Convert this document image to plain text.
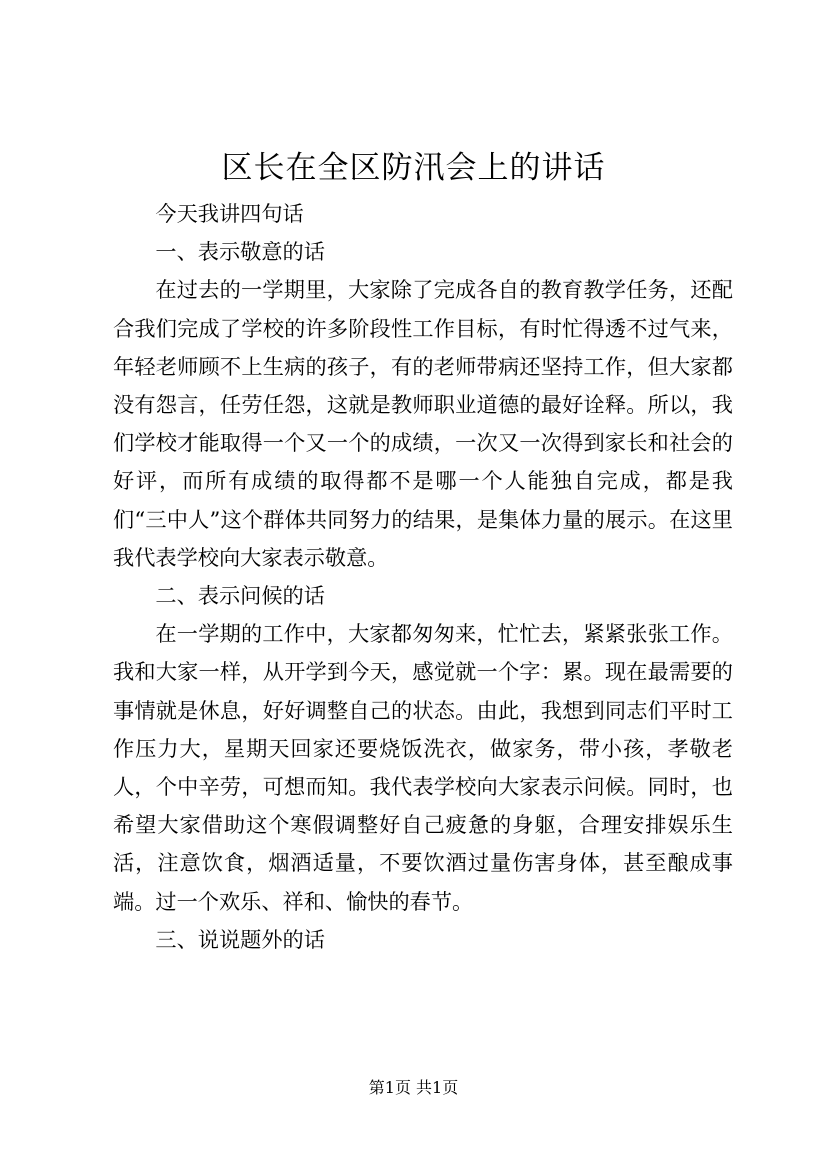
区长在全区防汛会上的讲话

今天我讲四句话

一、表示敬意的话

在过去的一学期里，大家除了完成各自的教育教学任务，还配合我们完成了学校的许多阶段性工作目标，有时忙得透不过气来，年轻老师顾不上生病的孩子，有的老师带病还坚持工作，但大家都没有怨言，任劳任怨，这就是教师职业道德的最好诠释。所以，我们学校才能取得一个又一个的成绩，一次又一次得到家长和社会的好评，而所有成绩的取得都不是哪一个人能独自完成，都是我们“三中人”这个群体共同努力的结果，是集体力量的展示。在这里我代表学校向大家表示敬意。

二、表示问候的话

在一学期的工作中，大家都匆匆来，忙忙去，紧紧张张工作。我和大家一样，从开学到今天，感觉就一个字：累。现在最需要的事情就是休息，好好调整自己的状态。由此，我想到同志们平时工作压力大，星期天回家还要烧饭洗衣，做家务，带小孩，孝敬老人，个中辛劳，可想而知。我代表学校向大家表示问候。同时，也希望大家借助这个寒假调整好自己疲惫的身躯，合理安排娱乐生活，注意饮食，烟酒适量，不要饮酒过量伤害身体，甚至酿成事端。过一个欢乐、祥和、愉快的春节。

三、说说题外的话

第1页 共1页
